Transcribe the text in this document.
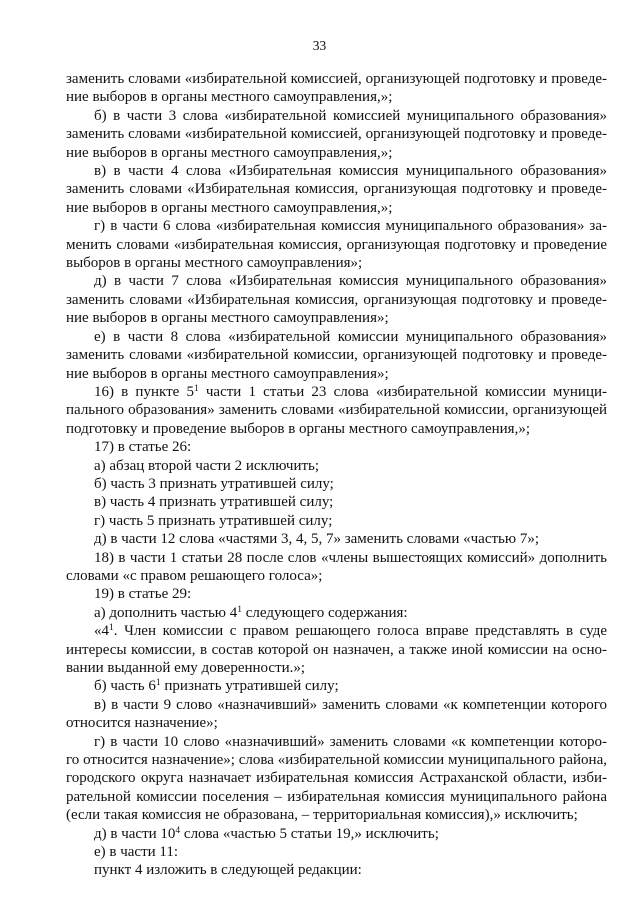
33

заменить словами «избирательной комиссией, организующей подготовку и проведе-

ние выборов в органы местного самоуправления,»;

б) в части 3 слова «избирательной комиссией муниципального образования»

заменить словами «избирательной комиссией, организующей подготовку и проведе-

ние выборов в органы местного самоуправления,»;

в) в части 4 слова «Избирательная комиссия муниципального образования»

заменить словами «Избирательная комиссия, организующая подготовку и проведе-

ние выборов в органы местного самоуправления,»;

г) в части 6 слова «избирательная комиссия муниципального образования» за-

менить словами «избирательная комиссия, организующая подготовку и проведение

выборов в органы местного самоуправления»;

д) в части 7 слова «Избирательная комиссия муниципального образования»

заменить словами «Избирательная комиссия, организующая подготовку и проведе-

ние выборов в органы местного самоуправления»;

е) в части 8 слова «избирательной комиссии муниципального образования»

заменить словами «избирательной комиссии, организующей подготовку и проведе-

ние выборов в органы местного самоуправления»;

16) в пункте $5^1$ части 1 статьи 23 слова «избирательной комиссии муници-

пального образования» заменить словами «избирательной комиссии, организующей

подготовку и проведение выборов в органы местного самоуправления,»;

17) в статье 26:

а) абзац второй части 2 исключить;

б) часть 3 признать утратившей силу;

в) часть 4 признать утратившей силу;

г) часть 5 признать утратившей силу;

д) в части 12 слова «частями 3, 4, 5, 7» заменить словами «частью 7»;

18) в части 1 статьи 28 после слов «члены вышестоящих комиссий» дополнить

словами «с правом решающего голоса»;

19) в статье 29:

а) дополнить частью $4^1$ следующего содержания:

«$4^1$. Член комиссии с правом решающего голоса вправе представлять в суде

интересы комиссии, в состав которой он назначен, а также иной комиссии на осно-

вании выданной ему доверенности.»;

б) часть $6^1$ признать утратившей силу;

в) в части 9 слово «назначивший» заменить словами «к компетенции которого

относится назначение»;

г) в части 10 слово «назначивший» заменить словами «к компетенции которо-

го относится назначение»; слова «избирательной комиссии муниципального района,

городского округа назначает избирательная комиссия Астраханской области, изби-

рательной комиссии поселения – избирательная комиссия муниципального района

(если такая комиссия не образована, – территориальная комиссия),» исключить;

д) в части $10^4$ слова «частью 5 статьи 19,» исключить;

е) в части 11:

пункт 4 изложить в следующей редакции:
